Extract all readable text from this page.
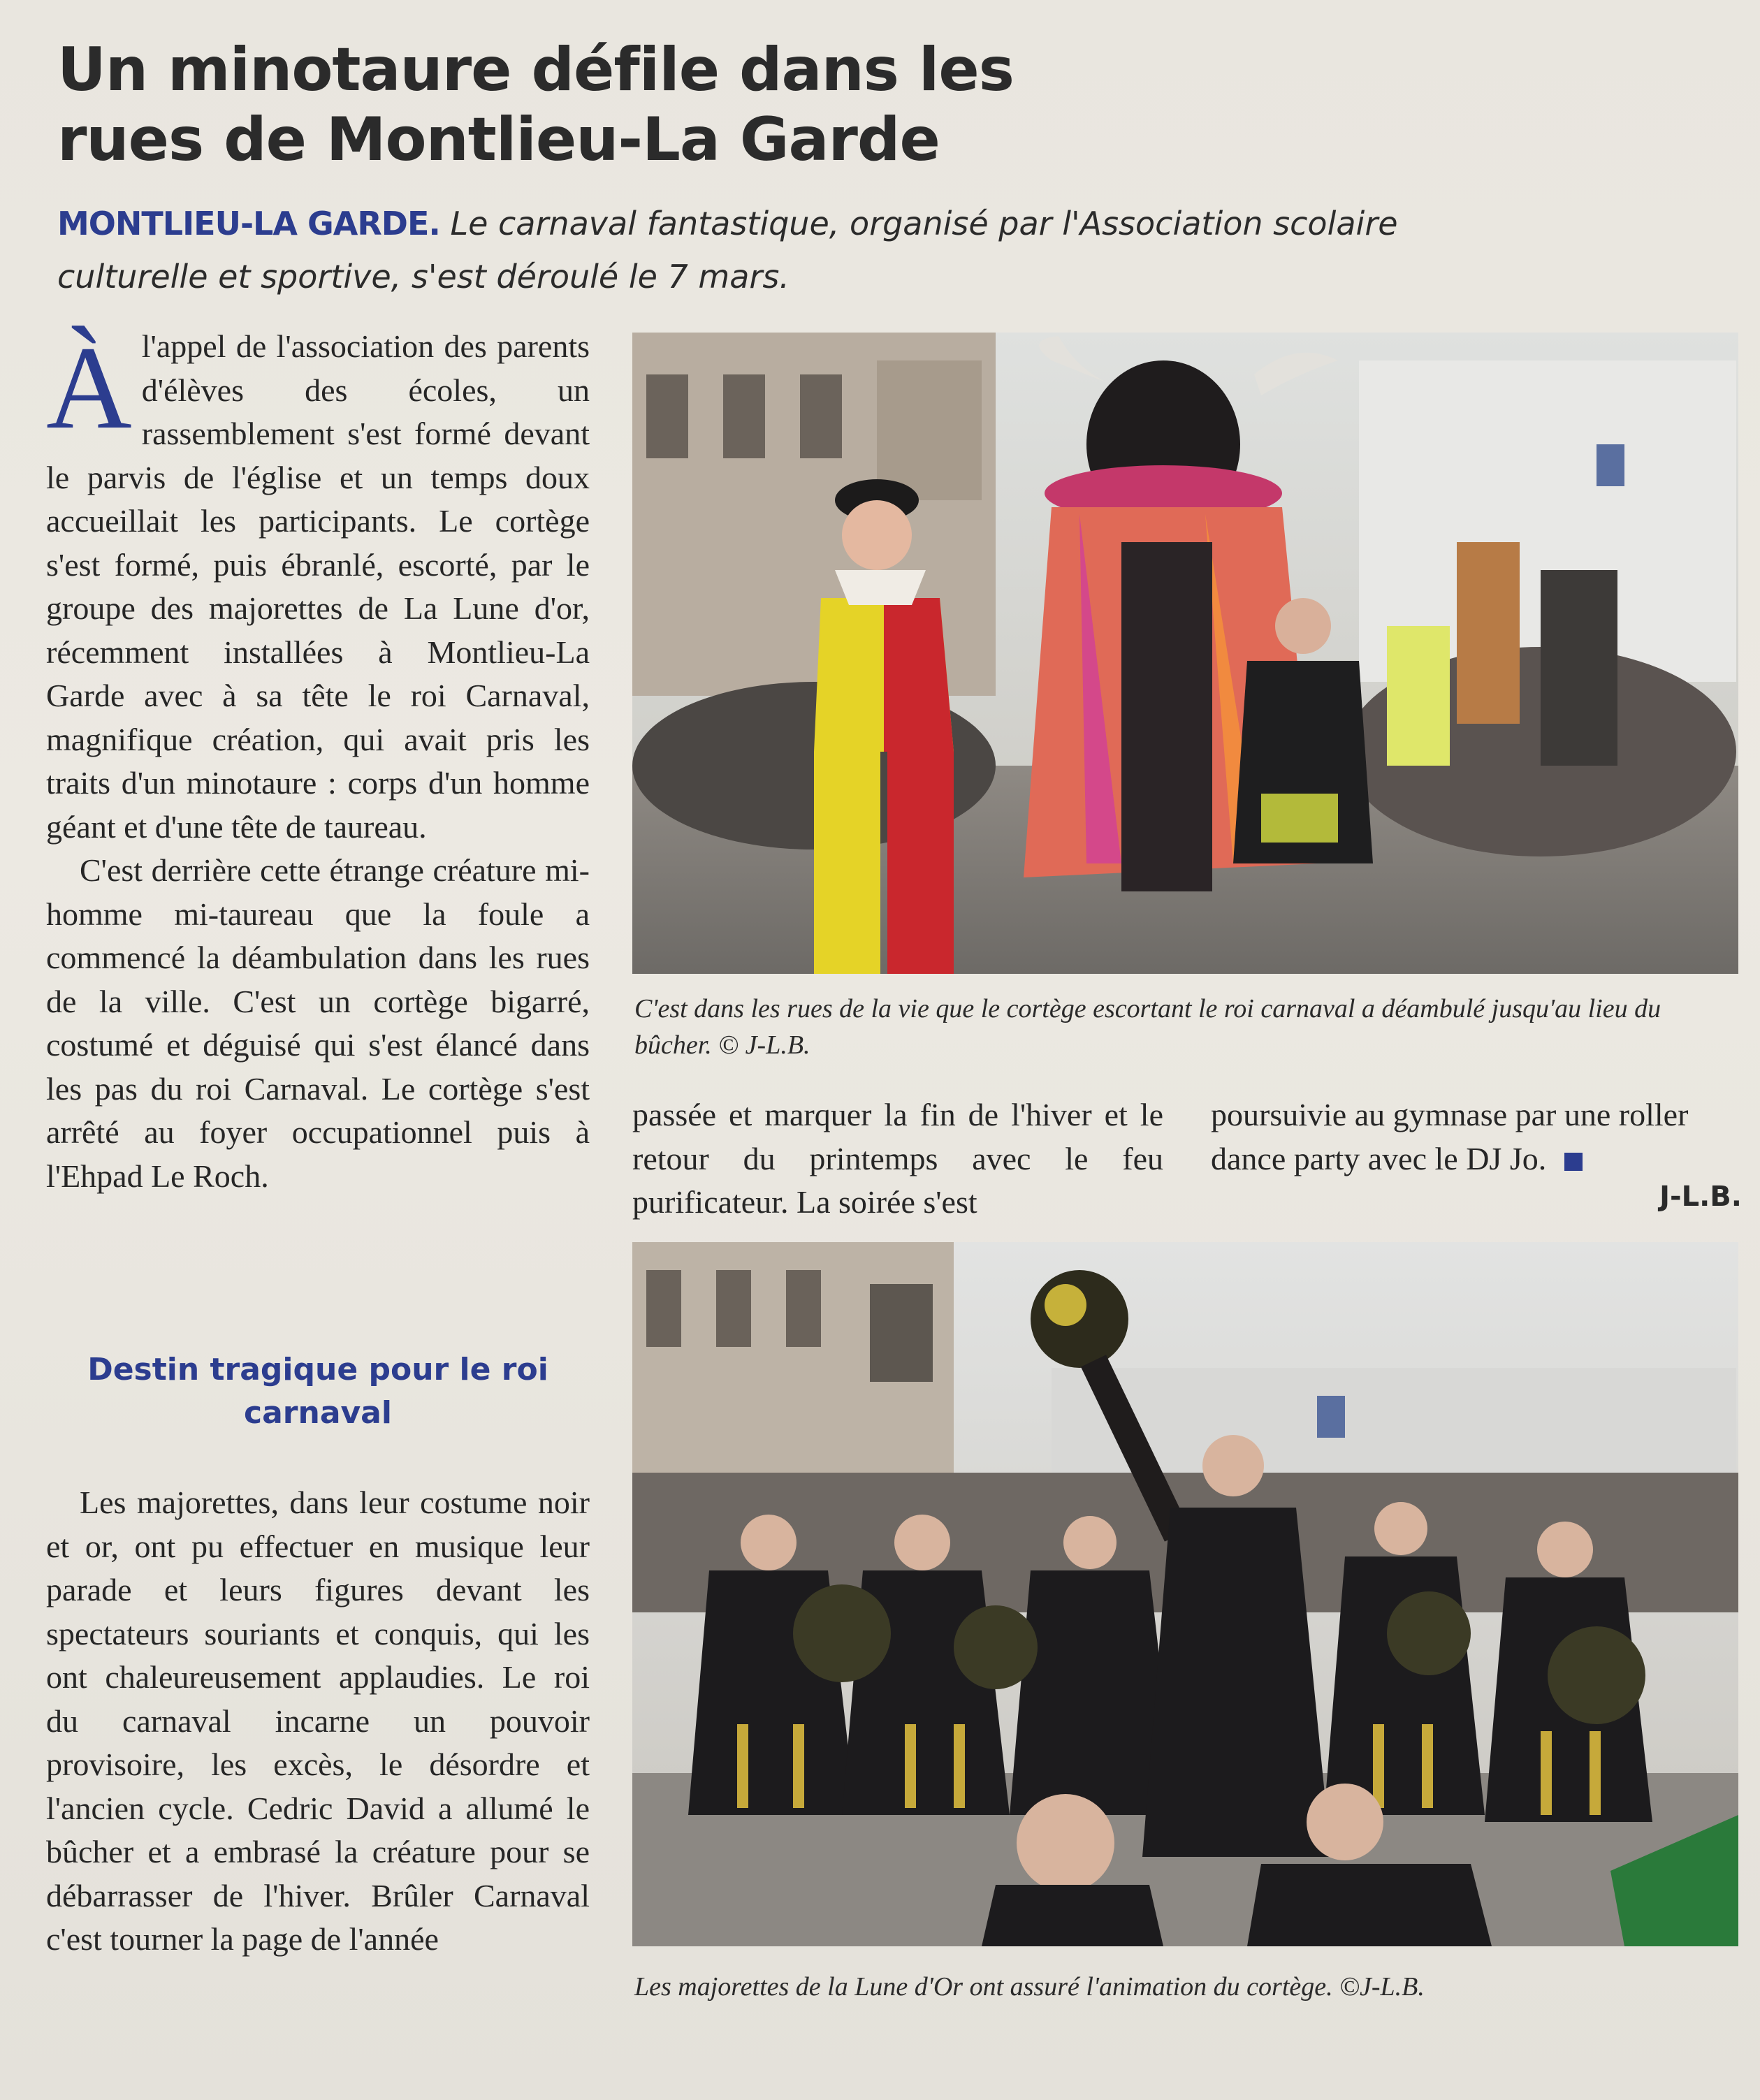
Un minotaure défile dans les rues de Montlieu-La Garde
MONTLIEU-LA GARDE. Le carnaval fantastique, organisé par l'Association scolaire culturelle et sportive, s'est déroulé le 7 mars.
À l'appel de l'association des parents d'élèves des écoles, un rassemblement s'est formé devant le parvis de l'église et un temps doux accueillait les participants. Le cortège s'est formé, puis ébranlé, escorté, par le groupe des majorettes de La Lune d'or, récemment installées à Montlieu-La Garde avec à sa tête le roi Carnaval, magnifique création, qui avait pris les traits d'un minotaure : corps d'un homme géant et d'une tête de taureau.

C'est derrière cette étrange créature mi-homme mi-taureau que la foule a commencé la déambulation dans les rues de la ville. C'est un cortège bigarré, costumé et déguisé qui s'est élancé dans les pas du roi Carnaval. Le cortège s'est arrêté au foyer occupationnel puis à l'Ehpad Le Roch.

Destin tragique pour le roi carnaval

Les majorettes, dans leur costume noir et or, ont pu effectuer en musique leur parade et leurs figures devant les spectateurs souriants et conquis, qui les ont chaleureusement applaudies. Le roi du carnaval incarne un pouvoir provisoire, les excès, le désordre et l'ancien cycle. Cedric David a allumé le bûcher et a embrasé la créature pour se débarrasser de l'hiver. Brûler Carnaval c'est tourner la page de l'année

passée et marquer la fin de l'hiver et le retour du printemps avec le feu purificateur. La soirée s'est

poursuivie au gymnase par une roller dance party avec le DJ Jo.

J-L.B.
C'est dans les rues de la vie que le cortège escortant le roi carnaval a déambulé jusqu'au lieu du bûcher. © J-L.B.
Les majorettes de la Lune d'Or ont assuré l'animation du cortège. ©J-L.B.
